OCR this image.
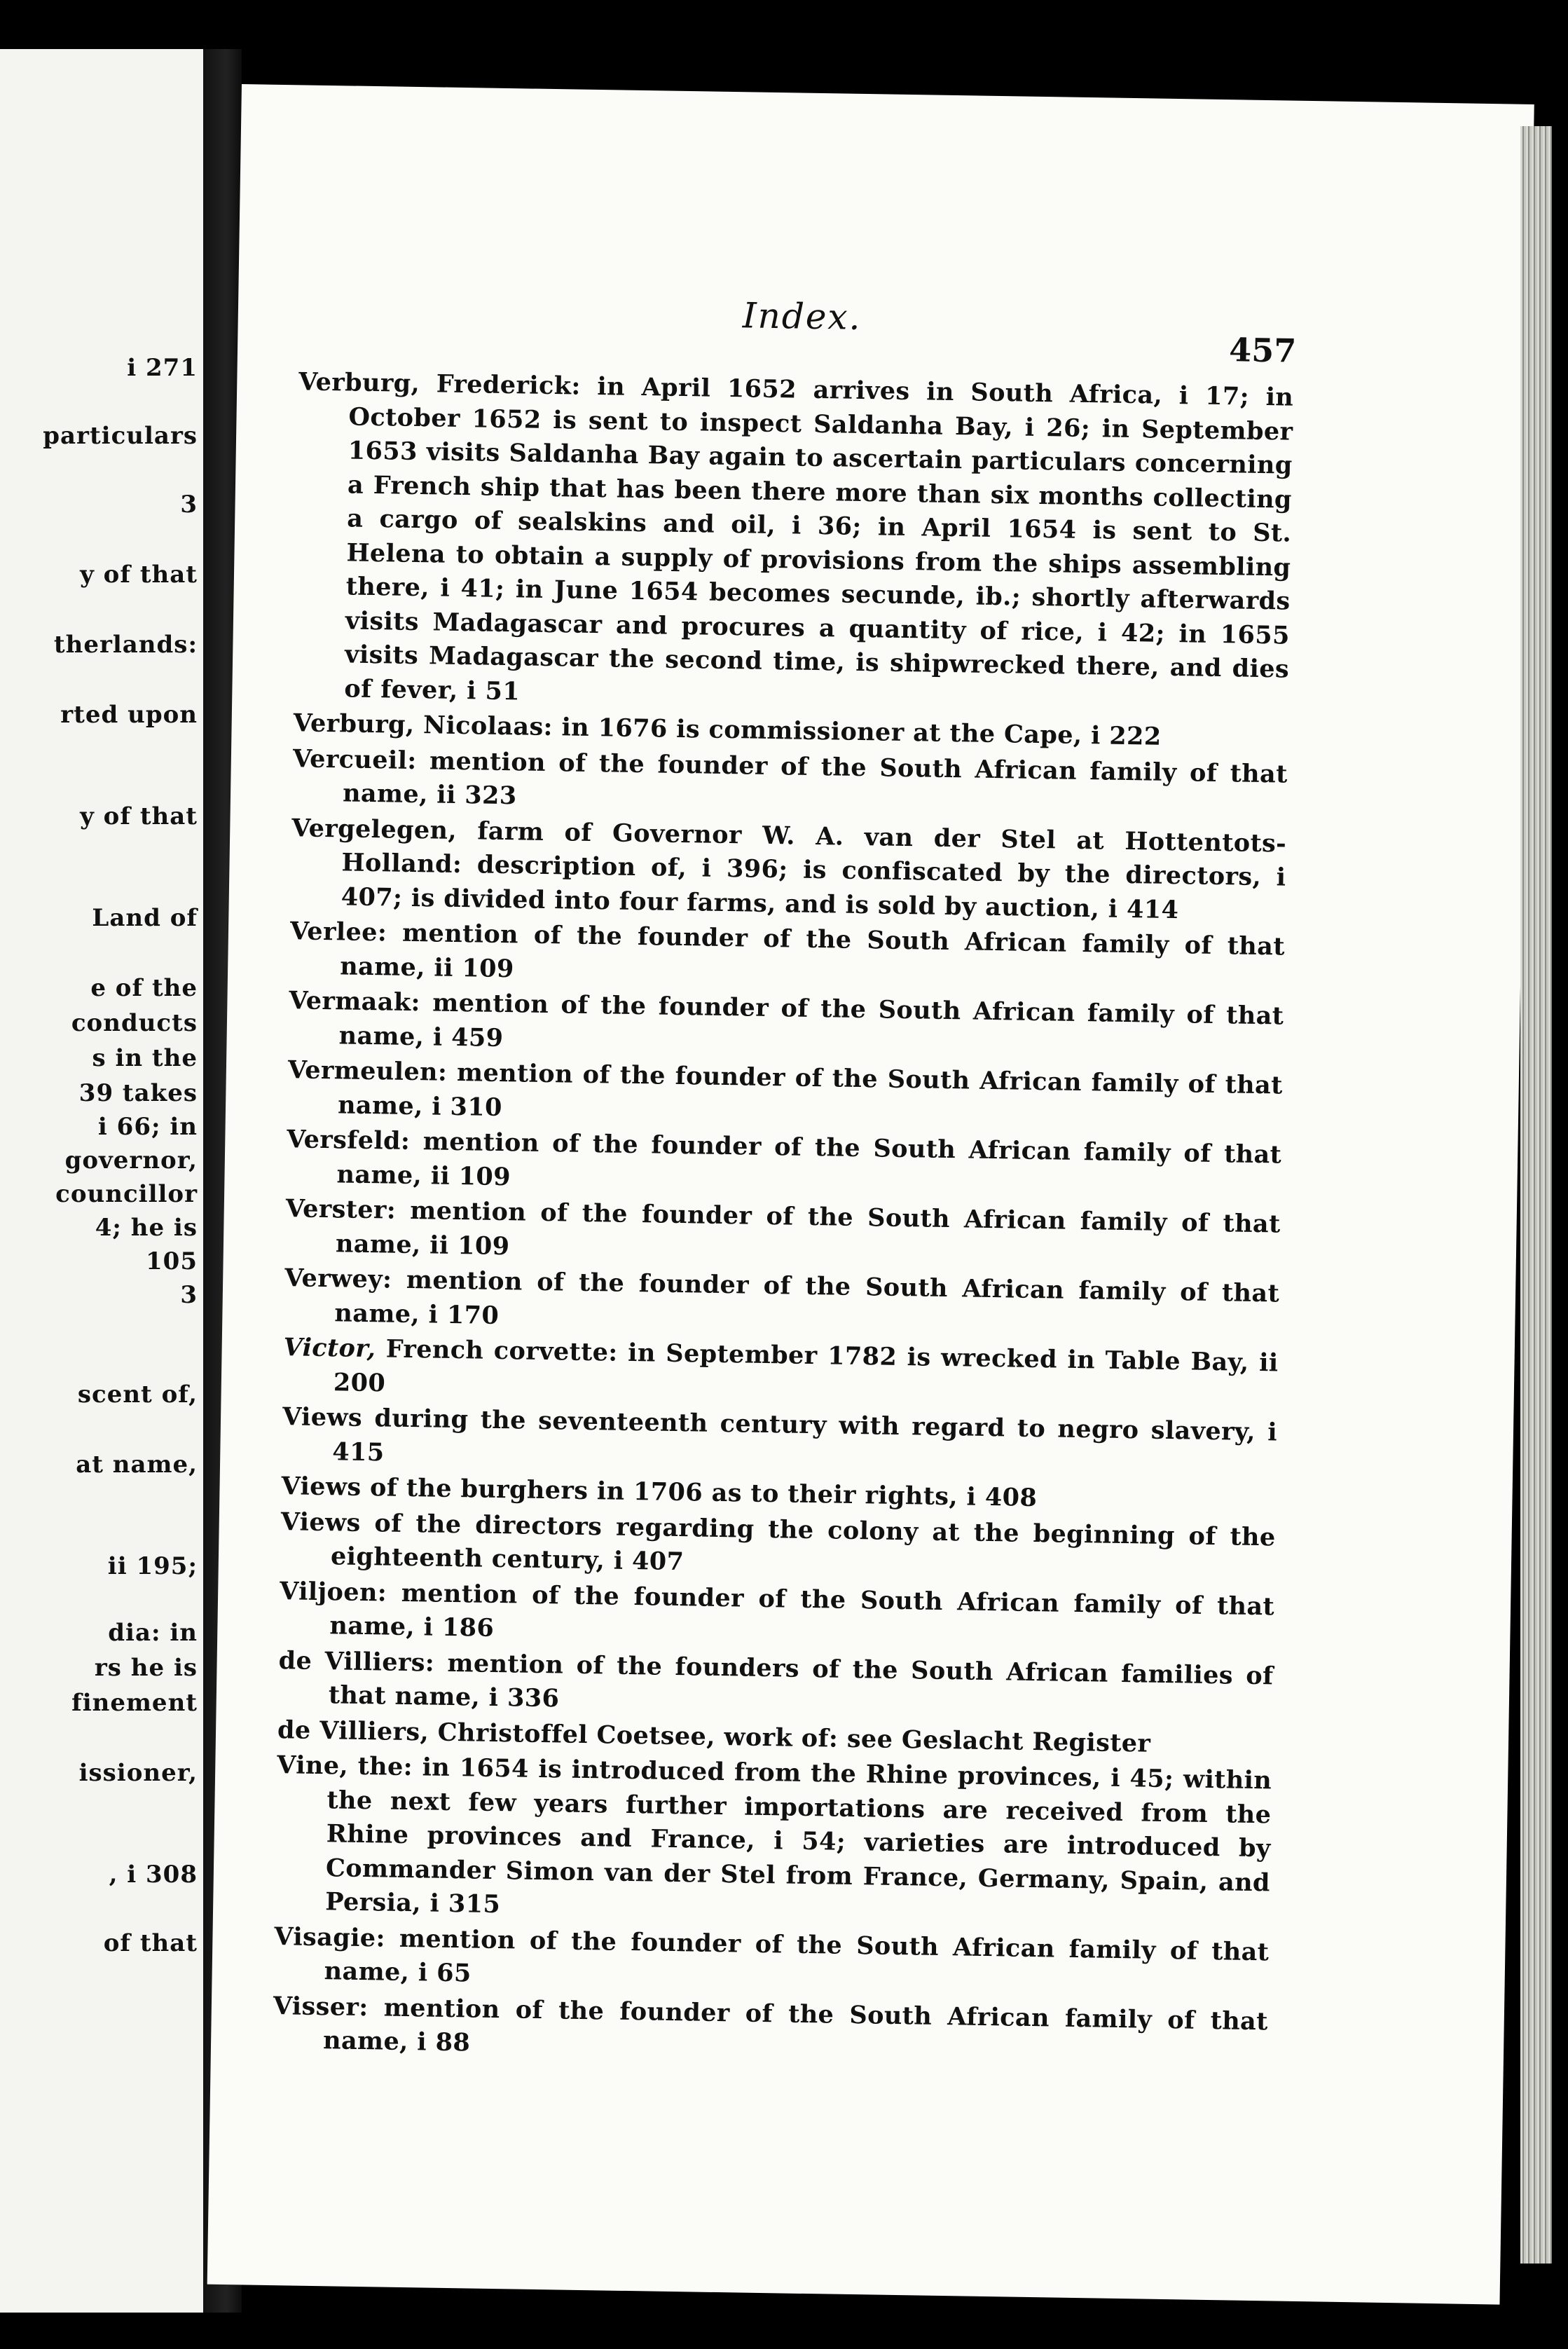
i 271
particulars
3
y of that
therlands:
rted upon
y of that
Land of
e of the
conducts
s in the
39 takes
i 66; in
governor,
councillor
4; he is
105
3
scent of,
at name,
ii 195;
dia: in
rs he is
finement
issioner,
, i 308
of that
Index.
457

Verburg, Frederick: in April 1652 arrives in South Africa, i 17; in October 1652 is sent to inspect Saldanha Bay, i 26; in September 1653 visits Saldanha Bay again to ascertain particulars concerning a French ship that has been there more than six months collecting a cargo of sealskins and oil, i 36; in April 1654 is sent to St. Helena to obtain a supply of provisions from the ships assembling there, i 41; in June 1654 becomes secunde, ib.; shortly afterwards visits Madagascar and procures a quantity of rice, i 42; in 1655 visits Madagascar the second time, is shipwrecked there, and dies of fever, i 51

Verburg, Nicolaas: in 1676 is commissioner at the Cape, i 222

Vercueil: mention of the founder of the South African family of that name, ii 323

Vergelegen, farm of Governor W. A. van der Stel at Hottentots-Holland: description of, i 396; is confiscated by the directors, i 407; is divided into four farms, and is sold by auction, i 414

Verlee: mention of the founder of the South African family of that name, ii 109

Vermaak: mention of the founder of the South African family of that name, i 459

Vermeulen: mention of the founder of the South African family of that name, i 310

Versfeld: mention of the founder of the South African family of that name, ii 109

Verster: mention of the founder of the South African family of that name, ii 109

Verwey: mention of the founder of the South African family of that name, i 170

Victor, French corvette: in September 1782 is wrecked in Table Bay, ii 200

Views during the seventeenth century with regard to negro slavery, i 415

Views of the burghers in 1706 as to their rights, i 408

Views of the directors regarding the colony at the beginning of the eighteenth century, i 407

Viljoen: mention of the founder of the South African family of that name, i 186

de Villiers: mention of the founders of the South African families of that name, i 336

de Villiers, Christoffel Coetsee, work of: see Geslacht Register

Vine, the: in 1654 is introduced from the Rhine provinces, i 45; within the next few years further importations are received from the Rhine provinces and France, i 54; varieties are introduced by Commander Simon van der Stel from France, Germany, Spain, and Persia, i 315

Visagie: mention of the founder of the South African family of that name, i 65

Visser: mention of the founder of the South African family of that name, i 88
